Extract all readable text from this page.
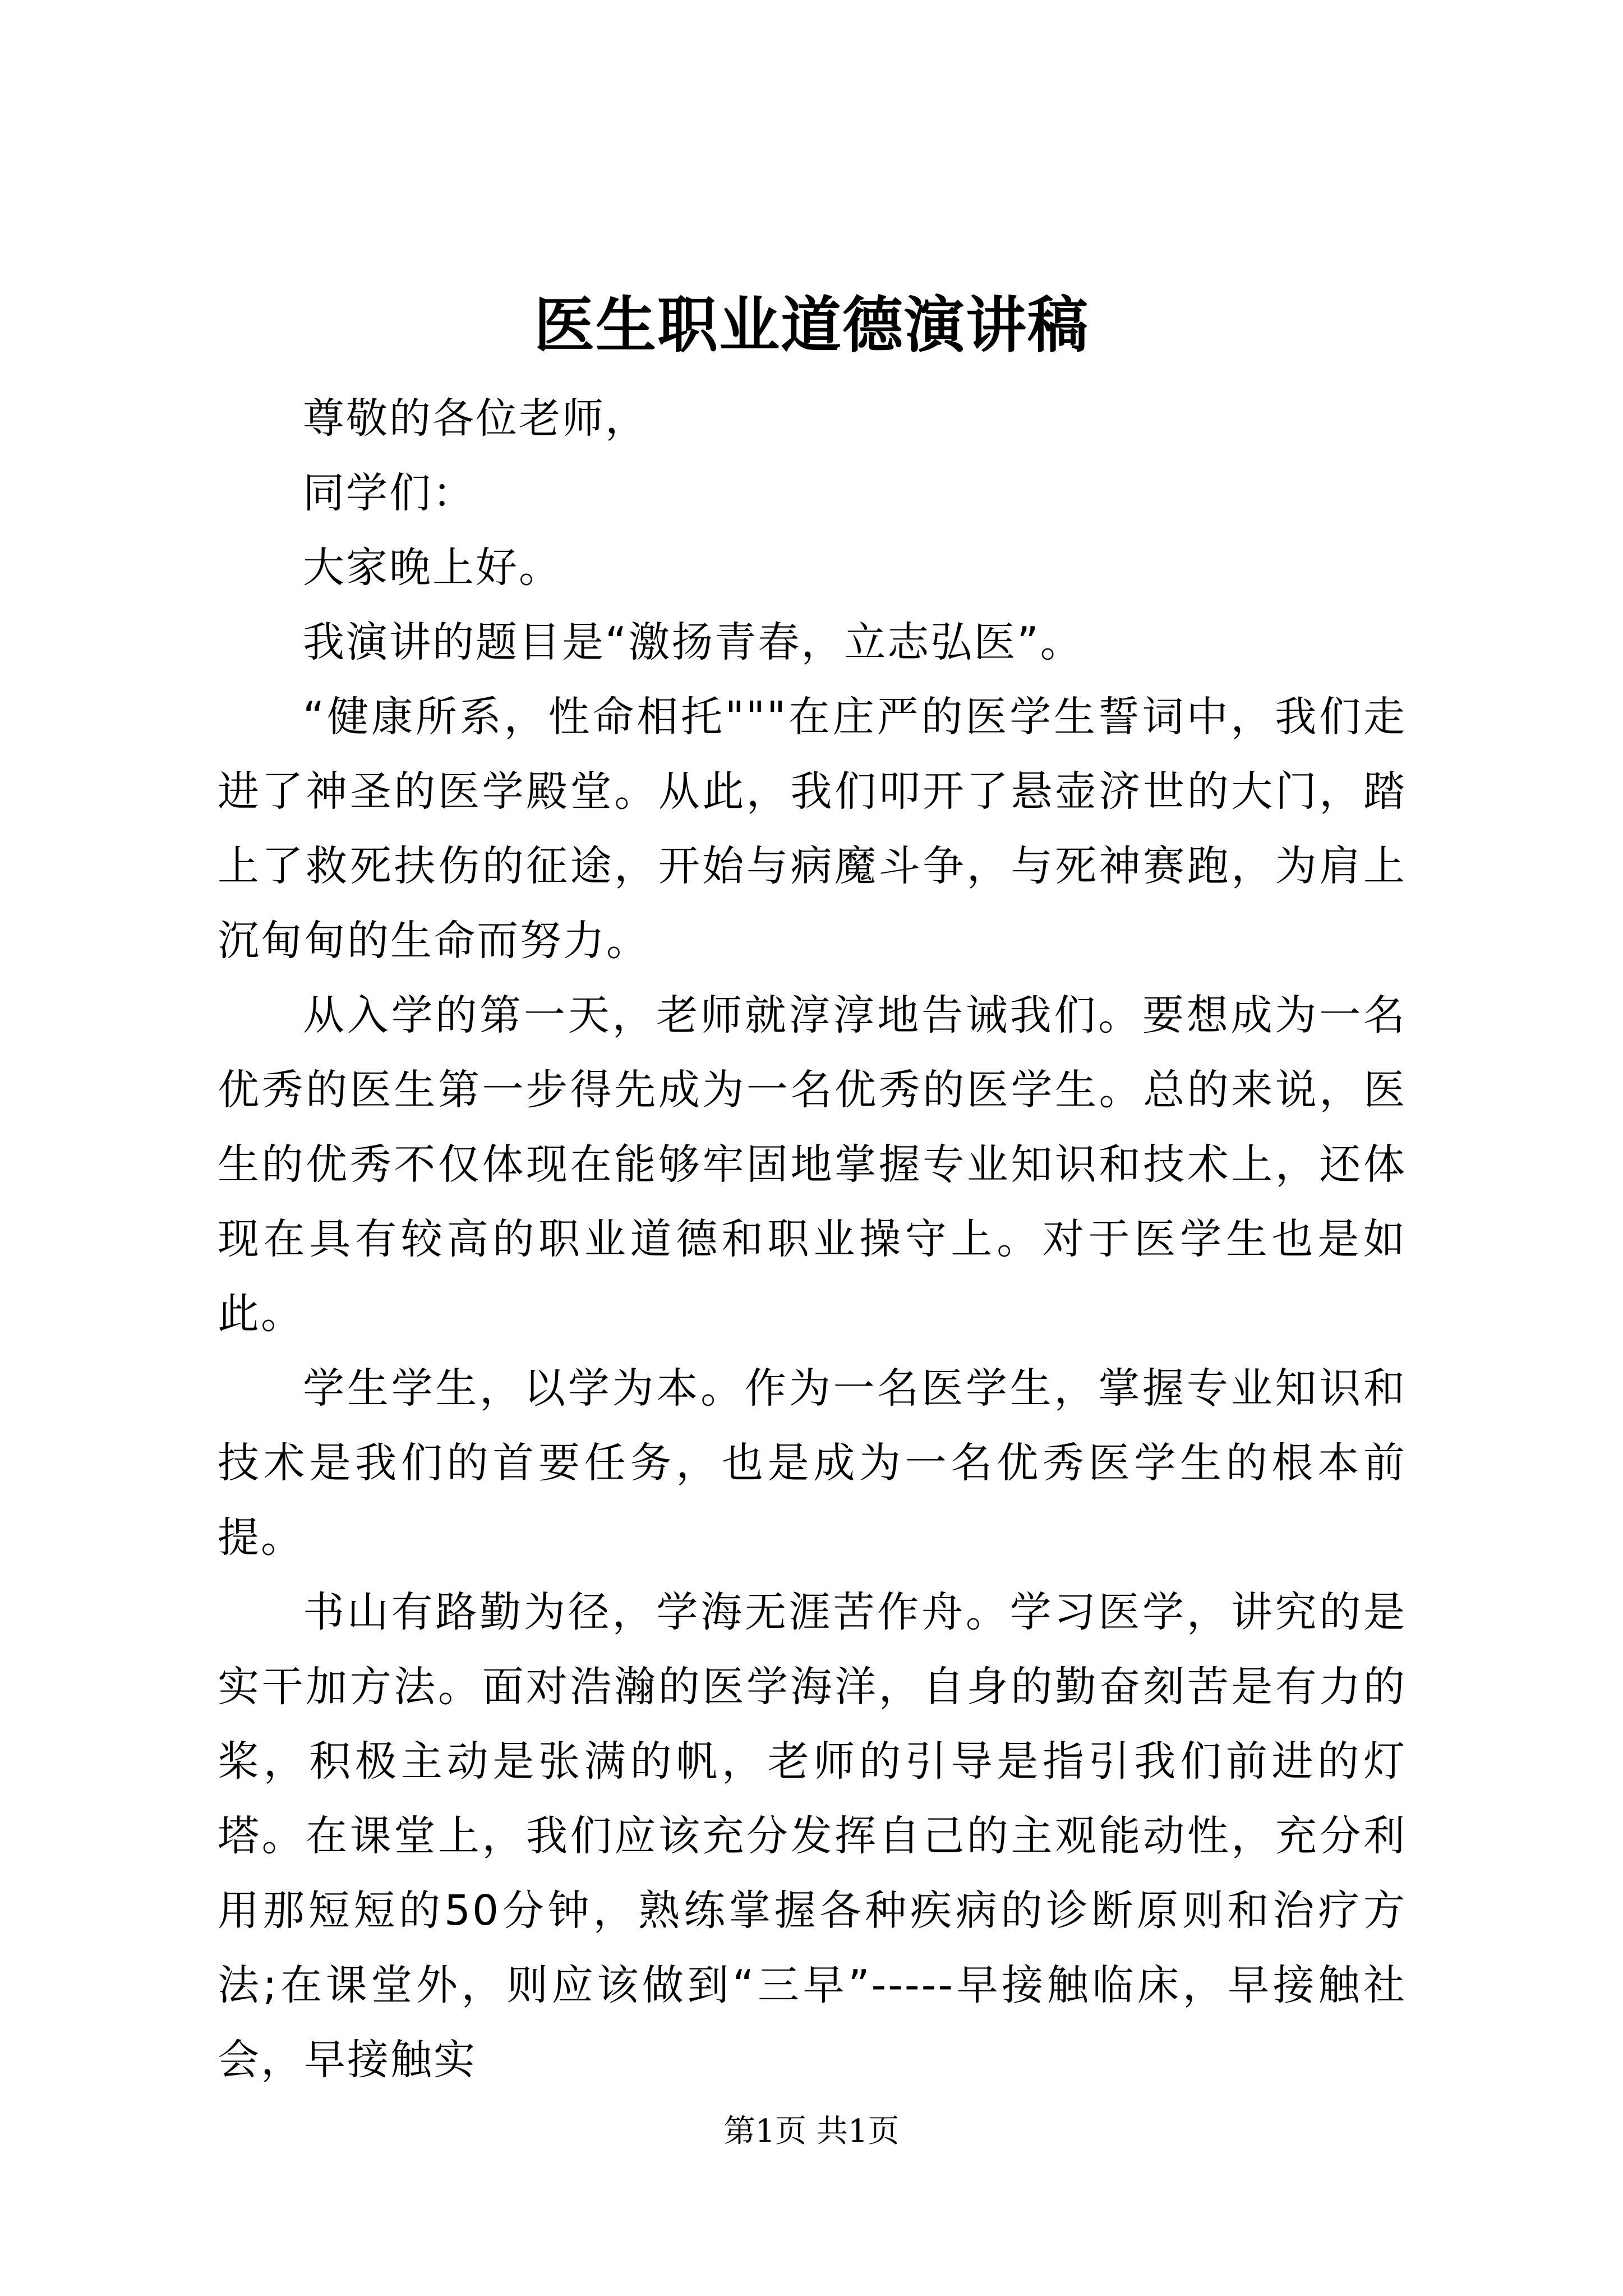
医生职业道德演讲稿

尊敬的各位老师，

同学们：

大家晚上好。

我演讲的题目是“激扬青春，立志弘医”。

“健康所系，性命相托"""在庄严的医学生誓词中，我们走进了神圣的医学殿堂。从此，我们叩开了悬壶济世的大门，踏上了救死扶伤的征途，开始与病魔斗争，与死神赛跑，为肩上沉甸甸的生命而努力。

从入学的第一天，老师就淳淳地告诫我们。要想成为一名优秀的医生第一步得先成为一名优秀的医学生。总的来说，医生的优秀不仅体现在能够牢固地掌握专业知识和技术上，还体现在具有较高的职业道德和职业操守上。对于医学生也是如此。

学生学生，以学为本。作为一名医学生，掌握专业知识和技术是我们的首要任务，也是成为一名优秀医学生的根本前提。

书山有路勤为径，学海无涯苦作舟。学习医学，讲究的是实干加方法。面对浩瀚的医学海洋，自身的勤奋刻苦是有力的桨，积极主动是张满的帆，老师的引导是指引我们前进的灯塔。在课堂上，我们应该充分发挥自己的主观能动性，充分利用那短短的50分钟，熟练掌握各种疾病的诊断原则和治疗方法;在课堂外，则应该做到“三早”-----早接触临床，早接触社会，早接触实

第1页 共1页
